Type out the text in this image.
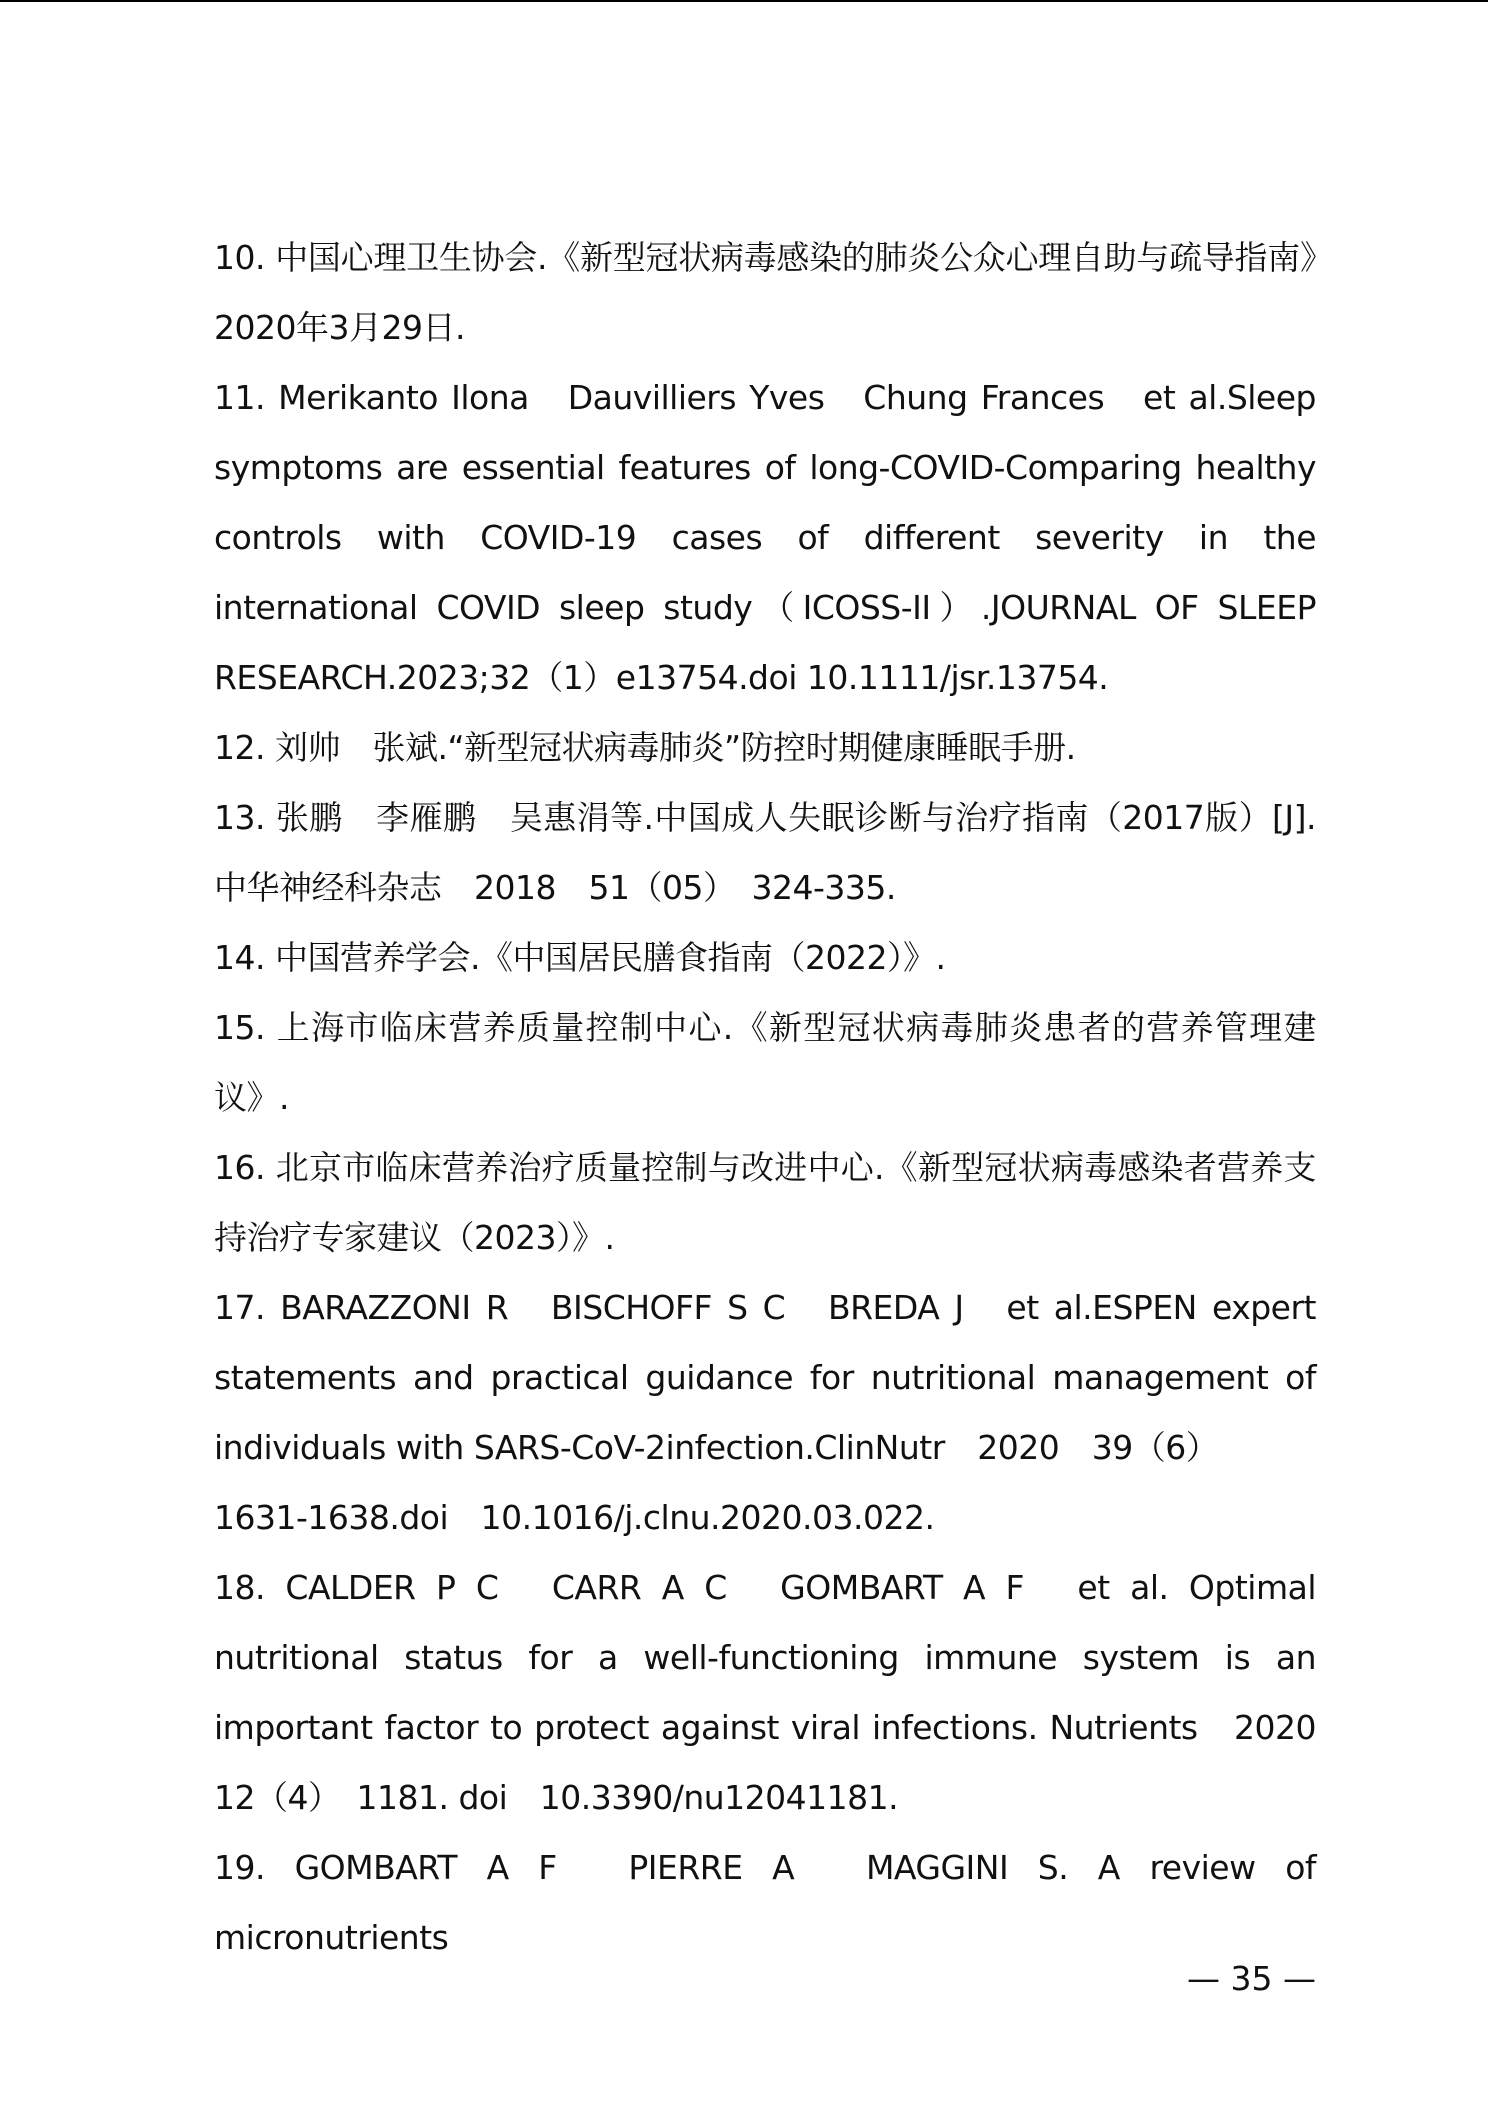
10. 中国心理卫生协会.《新型冠状病毒感染的肺炎公众心理自助与疏导指南》　2020年3月29日.
11. Merikanto Ilona　Dauvilliers Yves　Chung Frances　et al.Sleep symptoms are essential features of long-COVID-Comparing healthy controls with COVID-19 cases of different severity in the international COVID sleep study（ICOSS-II）.JOURNAL OF SLEEP RESEARCH.2023;32（1）e13754.doi 10.1111/jsr.13754.
12. 刘帅　张斌.“新型冠状病毒肺炎”防控时期健康睡眠手册.
13. 张鹏　李雁鹏　吴惠涓等.中国成人失眠诊断与治疗指南（2017版）[J].中华神经科杂志　2018　51（05）　324-335.
14. 中国营养学会.《中国居民膳食指南（2022）》.
15. 上海市临床营养质量控制中心.《新型冠状病毒肺炎患者的营养管理建议》.
16. 北京市临床营养治疗质量控制与改进中心.《新型冠状病毒感染者营养支持治疗专家建议（2023）》.
17. BARAZZONI R　BISCHOFF S C　BREDA J　et al.ESPEN expert statements and practical guidance for nutritional management of individuals with SARS-CoV-2infection.ClinNutr　2020　39（6）
1631-1638.doi　10.1016/j.clnu.2020.03.022.
18. CALDER P C　CARR A C　GOMBART A F　et al. Optimal nutritional status for a well-functioning immune system is an important factor to protect against viral infections. Nutrients　2020　12（4）　1181. doi　10.3390/nu12041181.
19. GOMBART A F　PIERRE A　MAGGINI S. A review of micronutrients
— 35 —
